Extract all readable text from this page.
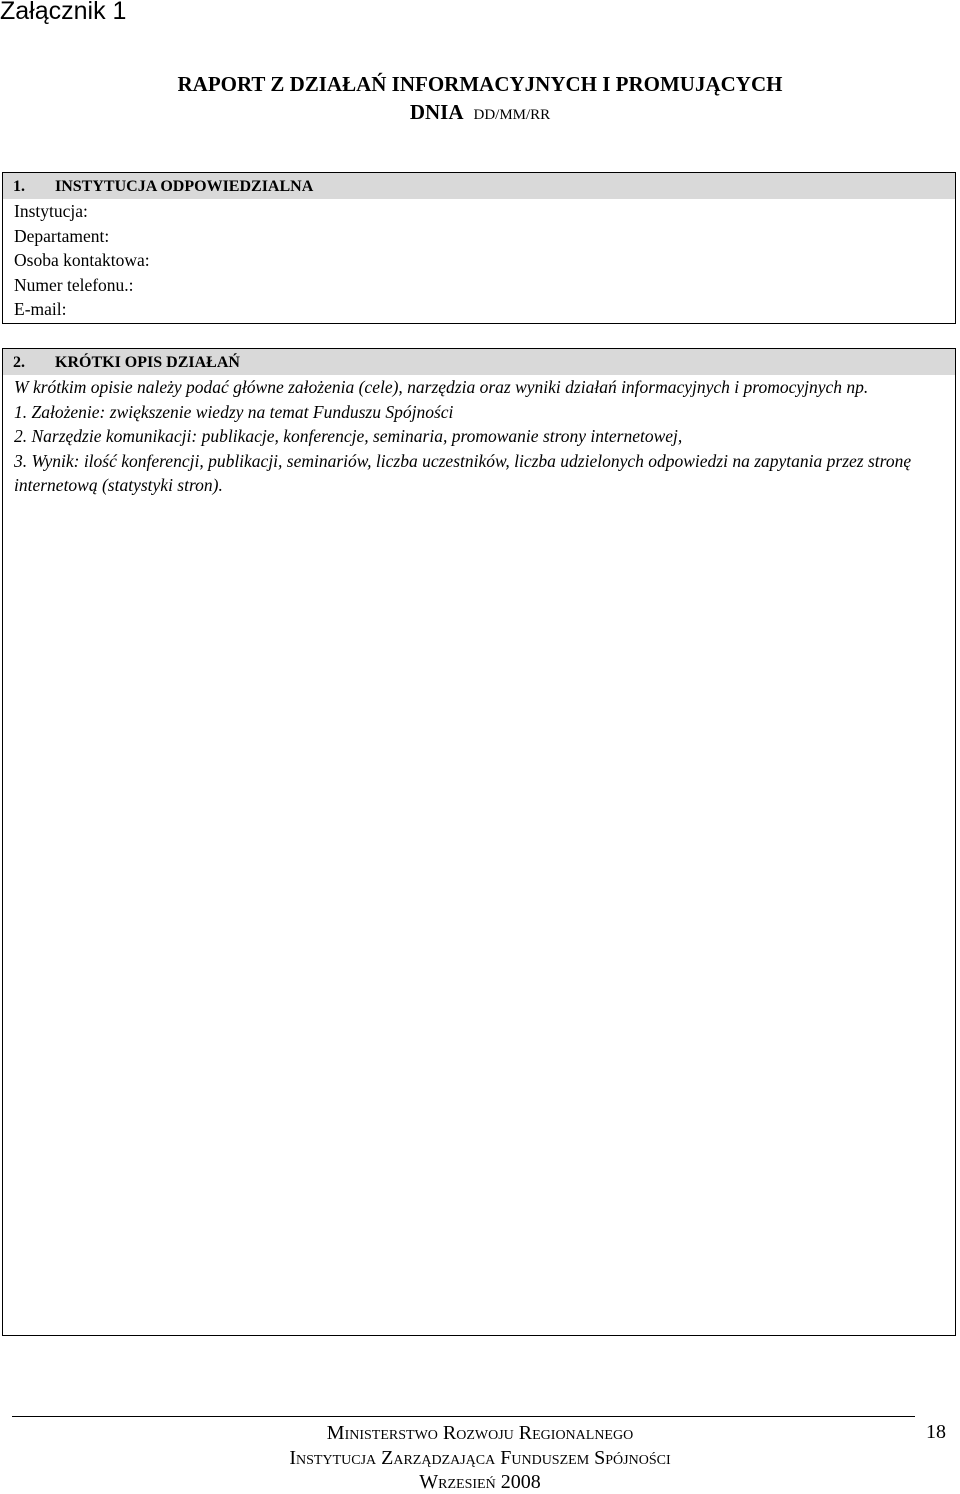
Załącznik 1
RAPORT Z DZIAŁAŃ INFORMACYJNYCH I PROMUJĄCYCH
DNIA DD/MM/RR
1. INSTYTUCJA ODPOWIEDZIALNA
Instytucja:
Departament:
Osoba kontaktowa:
Numer telefonu.:
E-mail:
2. KRÓTKI OPIS DZIAŁAŃ
W krótkim opisie należy podać główne założenia (cele), narzędzia oraz wyniki działań informacyjnych i promocyjnych np.
1. Założenie: zwiększenie wiedzy na temat Funduszu Spójności
2. Narzędzie komunikacji: publikacje, konferencje, seminaria, promowanie strony internetowej,
3. Wynik: ilość konferencji, publikacji, seminariów, liczba uczestników, liczba udzielonych odpowiedzi na zapytania przez stronę internetową (statystyki stron).
18
Ministerstwo Rozwoju Regionalnego
Instytucja Zarządzająca Funduszem Spójności
Wrzesień 2008
